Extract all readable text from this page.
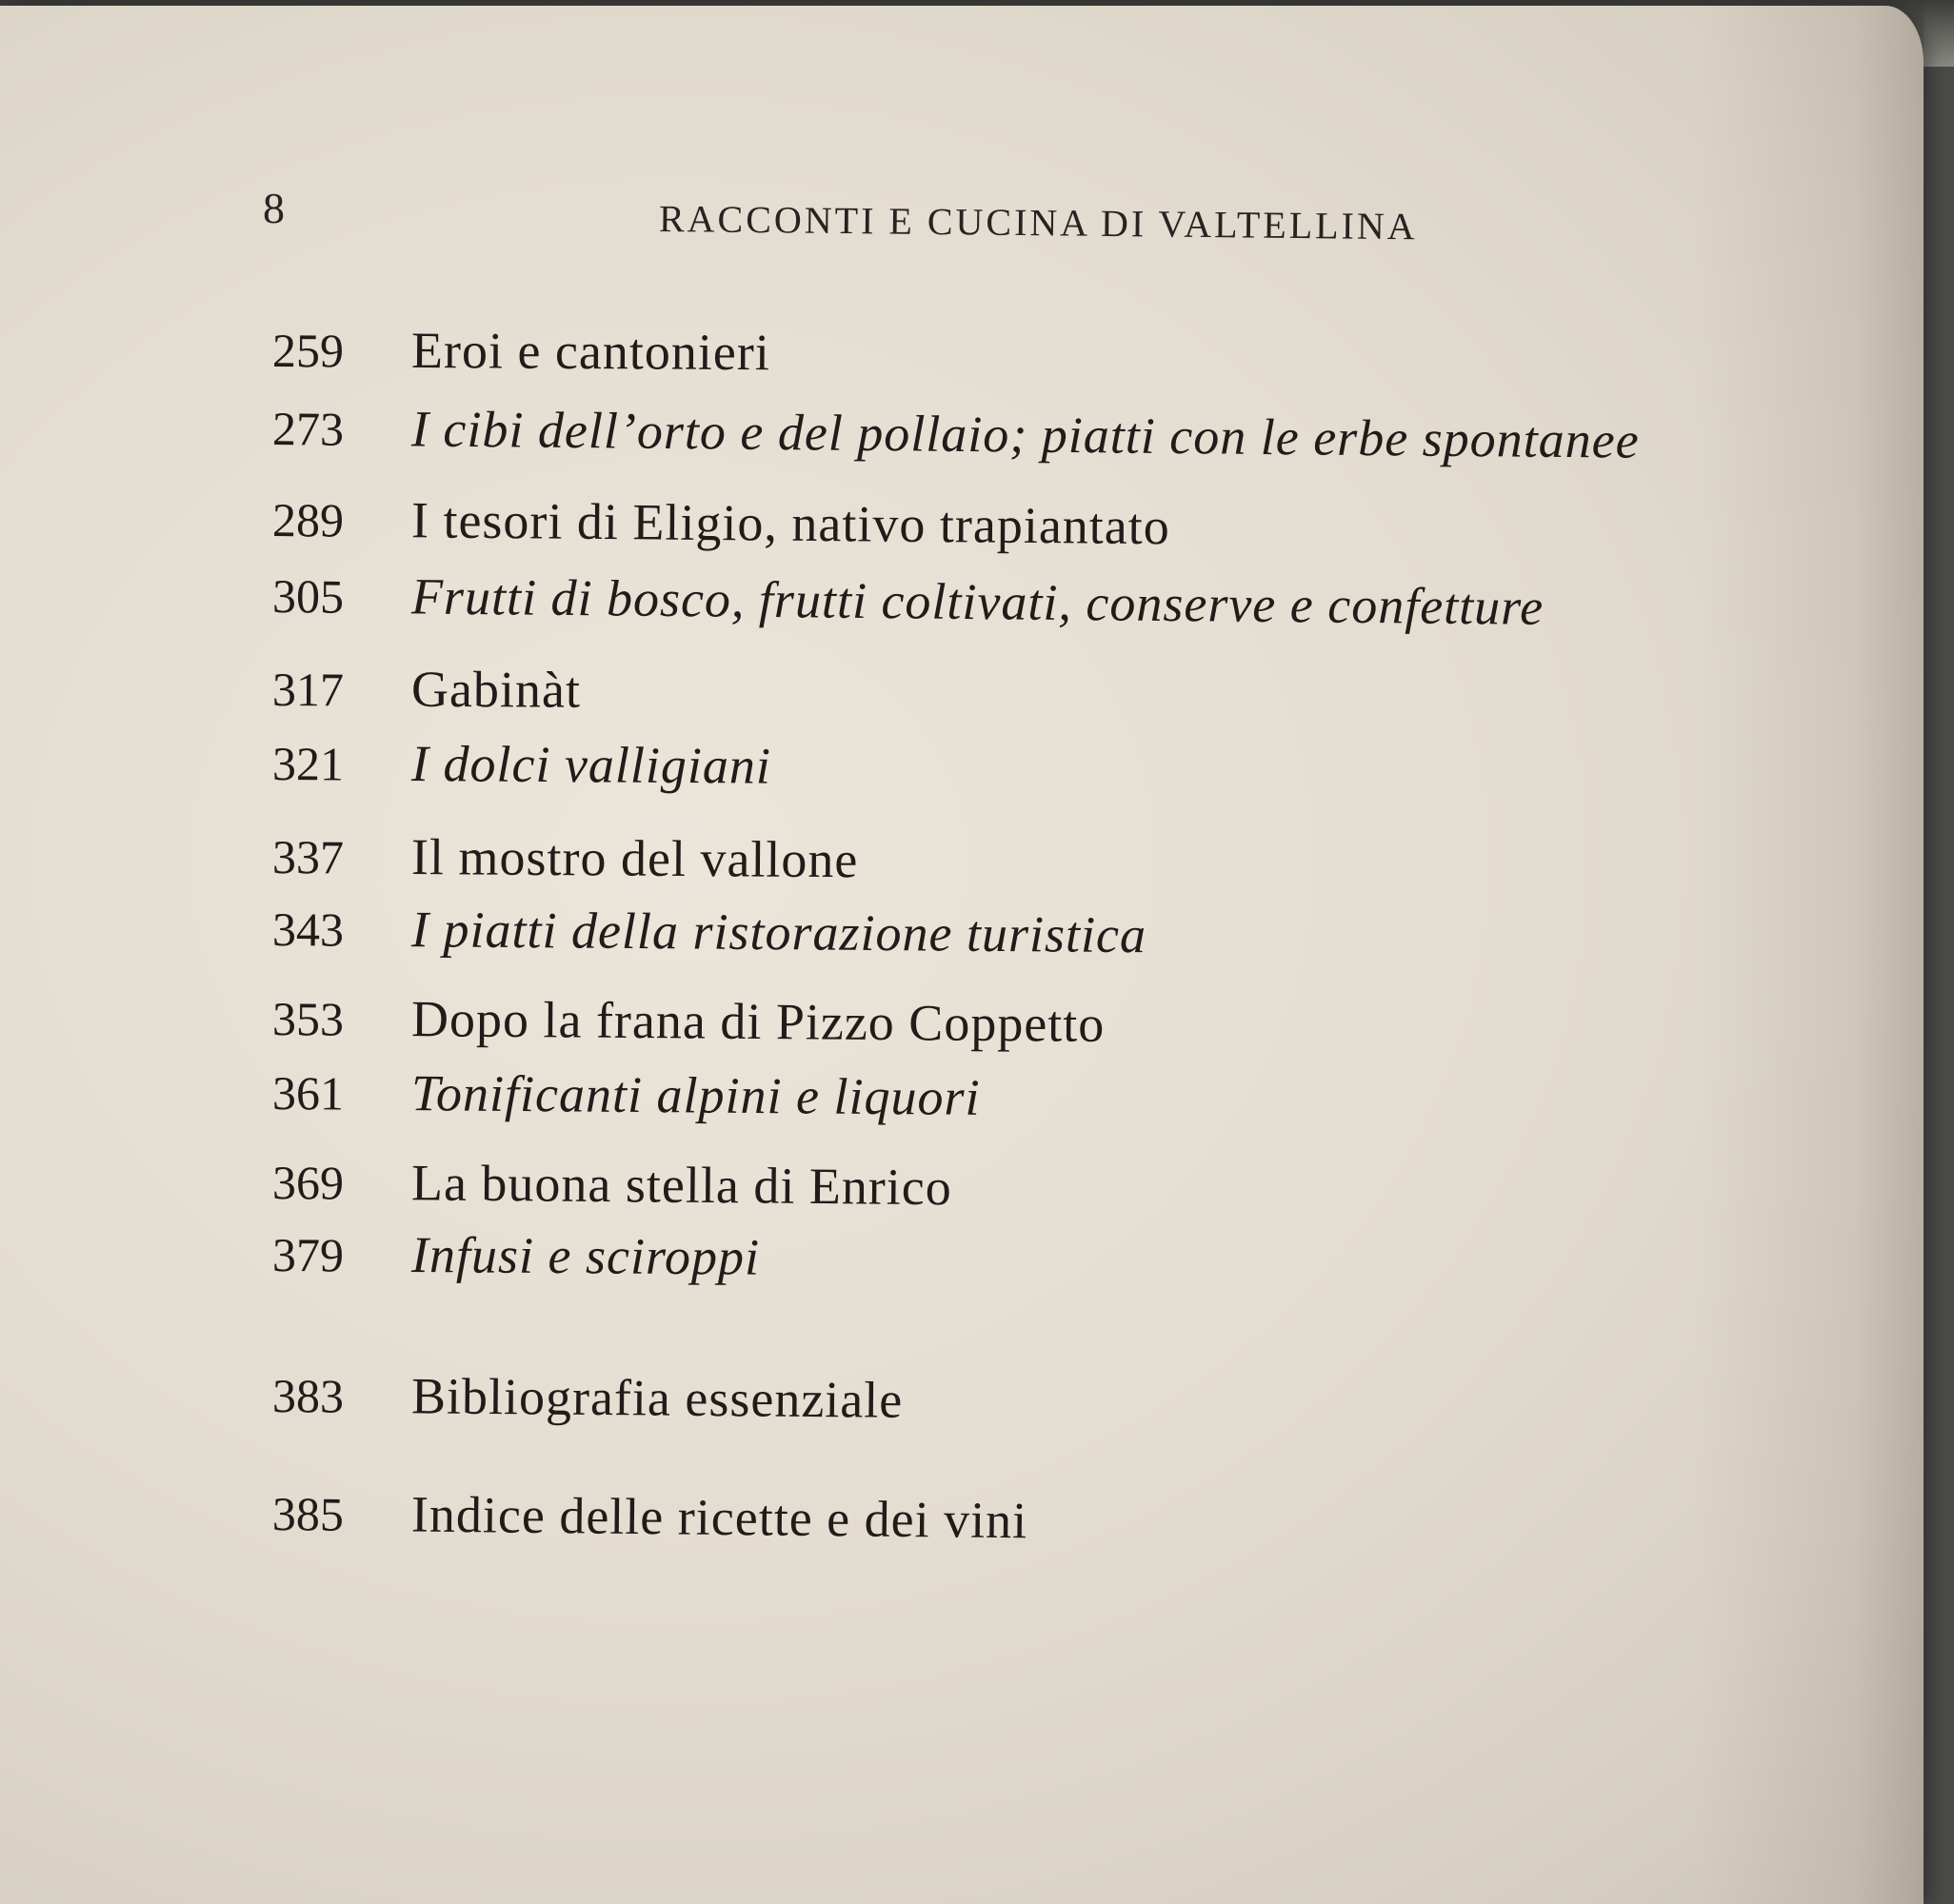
8	RACCONTI E CUCINA DI VALTELLINA
259 Eroi e cantonieri
273 I cibi dell’orto e del pollaio; piatti con le erbe spontanee
289 I tesori di Eligio, nativo trapiantato
305 Frutti di bosco, frutti coltivati, conserve e confetture
317 Gabinàt
321 I dolci valligiani
337 Il mostro del vallone
343 I piatti della ristorazione turistica
353 Dopo la frana di Pizzo Coppetto
361 Tonificanti alpini e liquori
369 La buona stella di Enrico
379 Infusi e sciroppi
383 Bibliografia essenziale
385 Indice delle ricette e dei vini
